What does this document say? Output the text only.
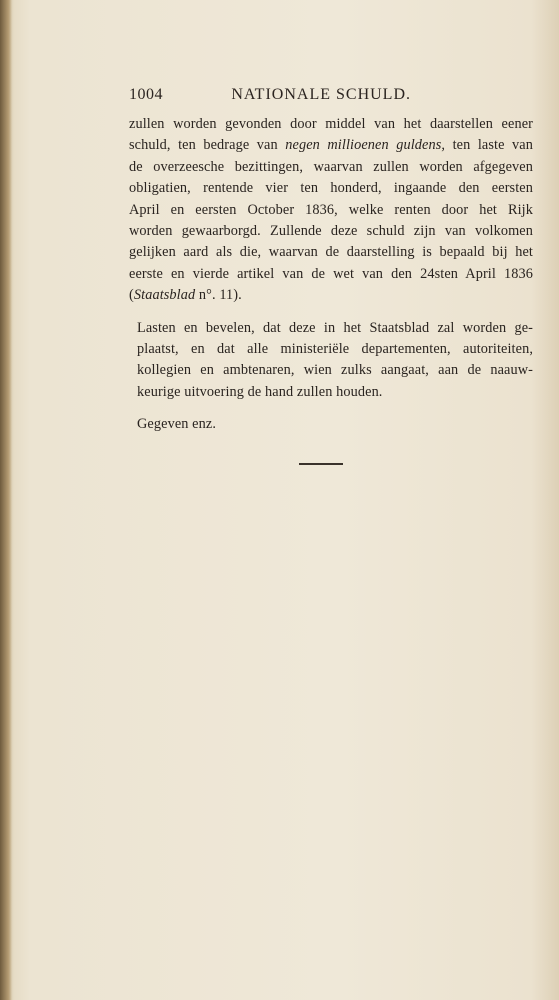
1004	NATIONALE SCHULD.
zullen worden gevonden door middel van het daarstellen eener
schuld, ten bedrage van negen millioenen guldens, ten laste van
de overzeesche bezittingen, waarvan zullen worden afgegeven
obligatien, rentende vier ten honderd, ingaande den eersten
April en eersten October 1836, welke renten door het Rijk
worden gewaarborgd. Zullende deze schuld zijn van volkomen
gelijken aard als die, waarvan de daarstelling is bepaald bij het
eerste en vierde artikel van de wet van den 24sten April 1836
(Staatsblad n°. 11).
Lasten en bevelen, dat deze in het Staatsblad zal worden ge-
plaatst, en dat alle ministeriële departementen, autoriteiten,
kollegien en ambtenaren, wien zulks aangaat, aan de naauw-
keurige uitvoering de hand zullen houden.
Gegeven enz.
